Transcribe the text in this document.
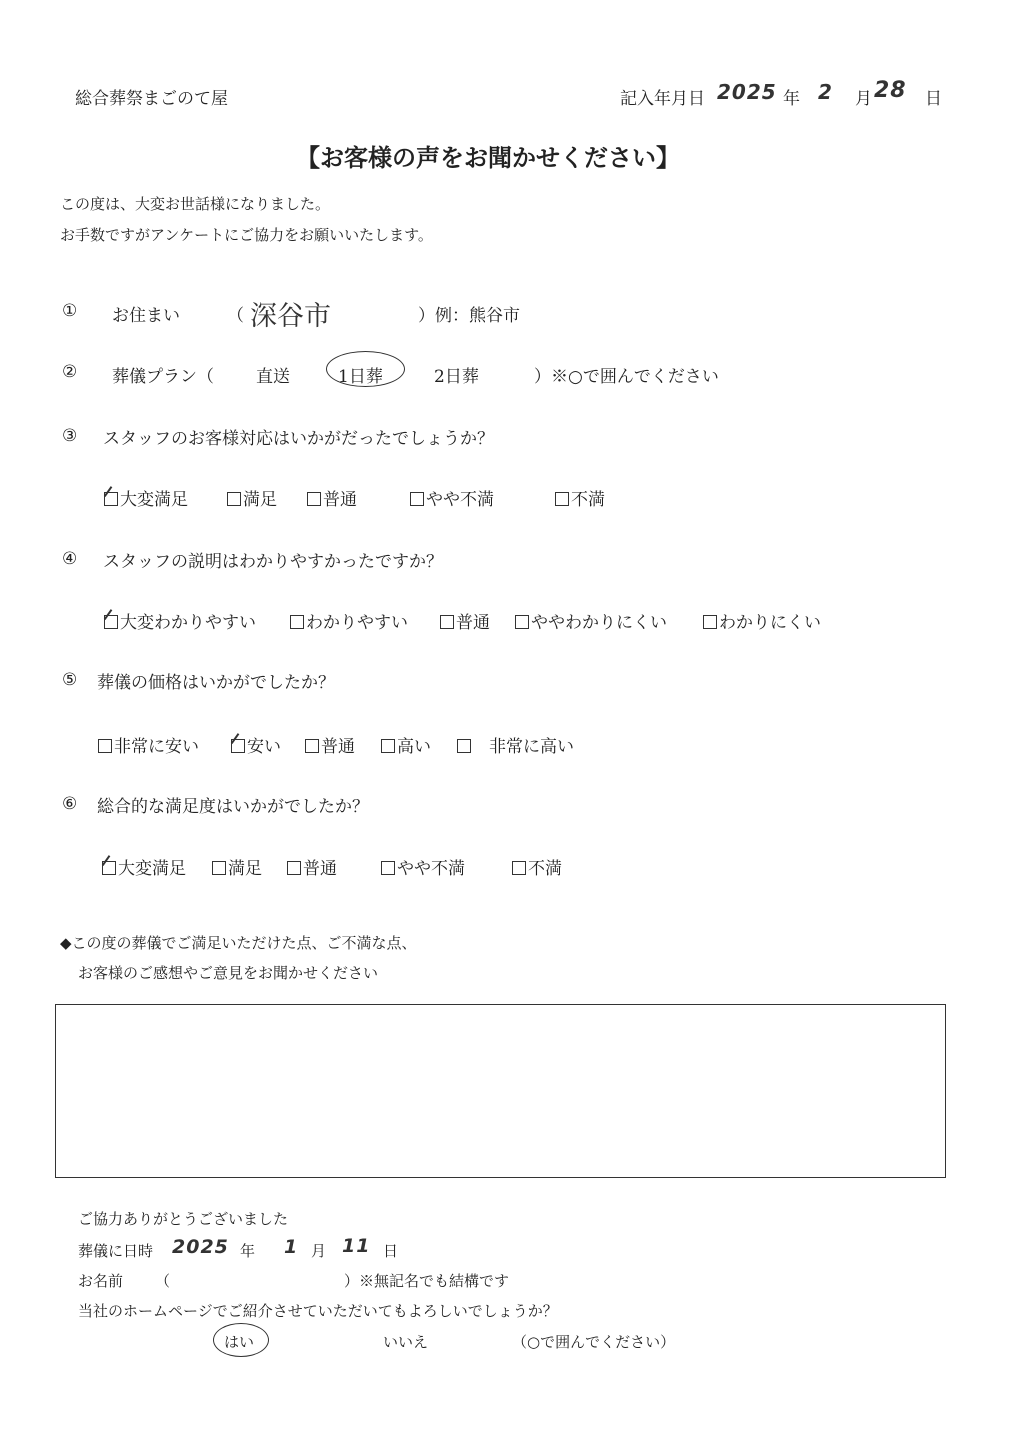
総合葬祭まごのて屋	記入年月日 2025 年 2 月 28 日
【お客様の声をお聞かせください】
この度は、大変お世話様になりました。
お手数ですがアンケートにご協力をお願いいたします。
① お住まい	（ 深谷市	）例：熊谷市
② 葬儀プラン（ 直送	1日葬	2日葬	）※○で囲んでください
③ スタッフのお客様対応はいかがだったでしょうか？
大変満足	満足	普通	やや不満	不満
④ スタッフの説明はわかりやすかったですか？
大変わかりやすい	わかりやすい	普通	ややわかりにくい	わかりにくい
⑤ 葬儀の価格はいかがでしたか？
非常に安い	安い	普通	高い	非常に高い
⑥ 総合的な満足度はいかがでしたか？
大変満足	満足	普通	やや不満	不満
◆この度の葬儀でご満足いただけた点、ご不満な点、
お客様のご感想やご意見をお聞かせください
ご協力ありがとうございました
葬儀に日時 2025 年 1 月 11 日
お名前 （	）※無記名でも結構です
当社のホームページでご紹介させていただいてもよろしいでしょうか？
はい	いいえ	（○で囲んでください）
